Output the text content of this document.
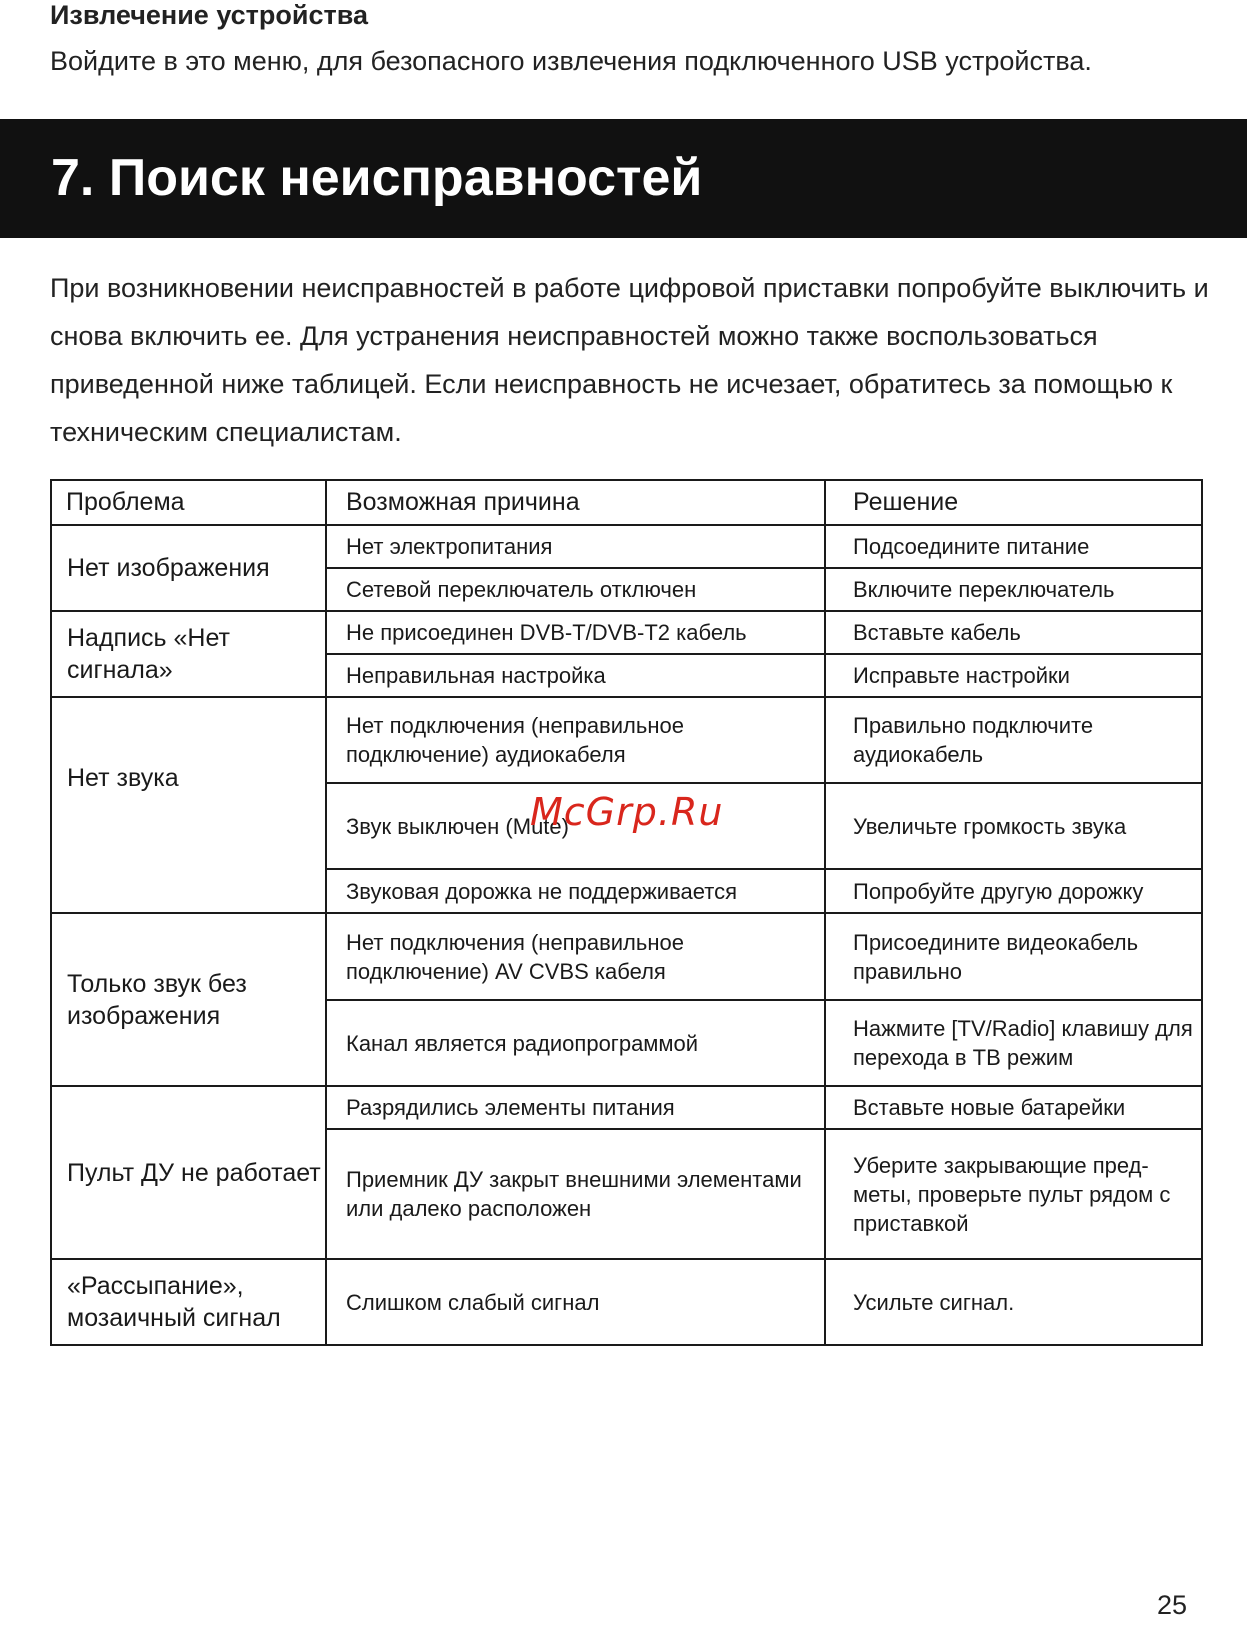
Извлечение устройства
Войдите в это меню, для безопасного извлечения подключенного USB устройства.
7. Поиск неисправностей
При возникновении неисправностей в работе цифровой приставки попробуйте выключить и снова включить ее. Для устранения неисправностей можно также воспользоваться приведенной ниже таблицей. Если неисправность не исчезает, обратитесь за помощью к техническим специалистам.
Проблема	Возможная причина	Решение
Нет изображения	Нет электропитания	Подсоедините питание
	Сетевой переключатель отключен	Включите переключатель
Надпись «Нет сигнала»	Не присоединен DVB-T/DVB-T2 кабель	Вставьте кабель
	Неправильная настройка	Исправьте настройки
Нет звука	Нет подключения (неправильное подключение) аудиокабеля	Правильно подключите аудиокабель
	Звук выключен (Mute)	Увеличьте громкость звука
	Звуковая дорожка не поддерживается	Попробуйте другую дорожку
Только звук без изображения	Нет подключения (неправильное подключение) AV CVBS кабеля	Присоедините видеокабель правильно
	Канал является радиопрограммой	Нажмите [TV/Radio] клавишу для перехода в ТВ режим
Пульт ДУ не работает	Разрядились элементы питания	Вставьте новые батарейки
	Приемник ДУ закрыт внешними элементами или далеко расположен	Уберите закрывающие пред-меты, проверьте пульт рядом с приставкой
«Рассыпание», мозаичный сигнал	Слишком слабый сигнал	Усильте сигнал.
McGrp.Ru
25
